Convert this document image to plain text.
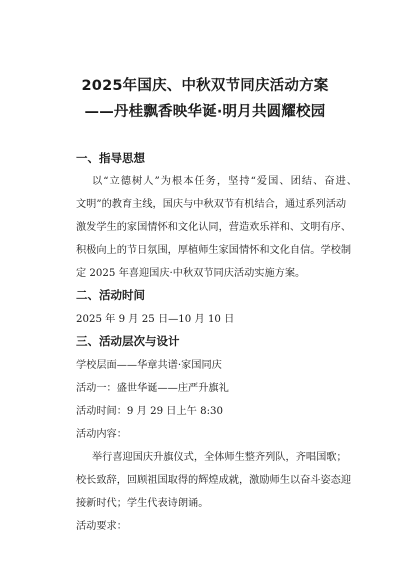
2025年国庆、中秋双节同庆活动方案
——丹桂飘香映华诞·明月共圆耀校园
一、指导思想
以“立德树人”为根本任务，坚持“爱国、团结、奋进、
文明”的教育主线，国庆与中秋双节有机结合，通过系列活动
激发学生的家国情怀和文化认同，营造欢乐祥和、文明有序、
积极向上的节日氛围，厚植师生家国情怀和文化自信。学校制
定 2025 年喜迎国庆·中秋双节同庆活动实施方案。
二、活动时间
2025 年 9 月 25 日—10 月 10 日
三、活动层次与设计
学校层面——华章共谱·家国同庆
活动一：盛世华诞——庄严升旗礼
活动时间：9 月 29 日上午 8:30
活动内容：
举行喜迎国庆升旗仪式，全体师生整齐列队，齐唱国歌；
校长致辞，回顾祖国取得的辉煌成就，激励师生以奋斗姿态迎
接新时代；学生代表诗朗诵。
活动要求：
